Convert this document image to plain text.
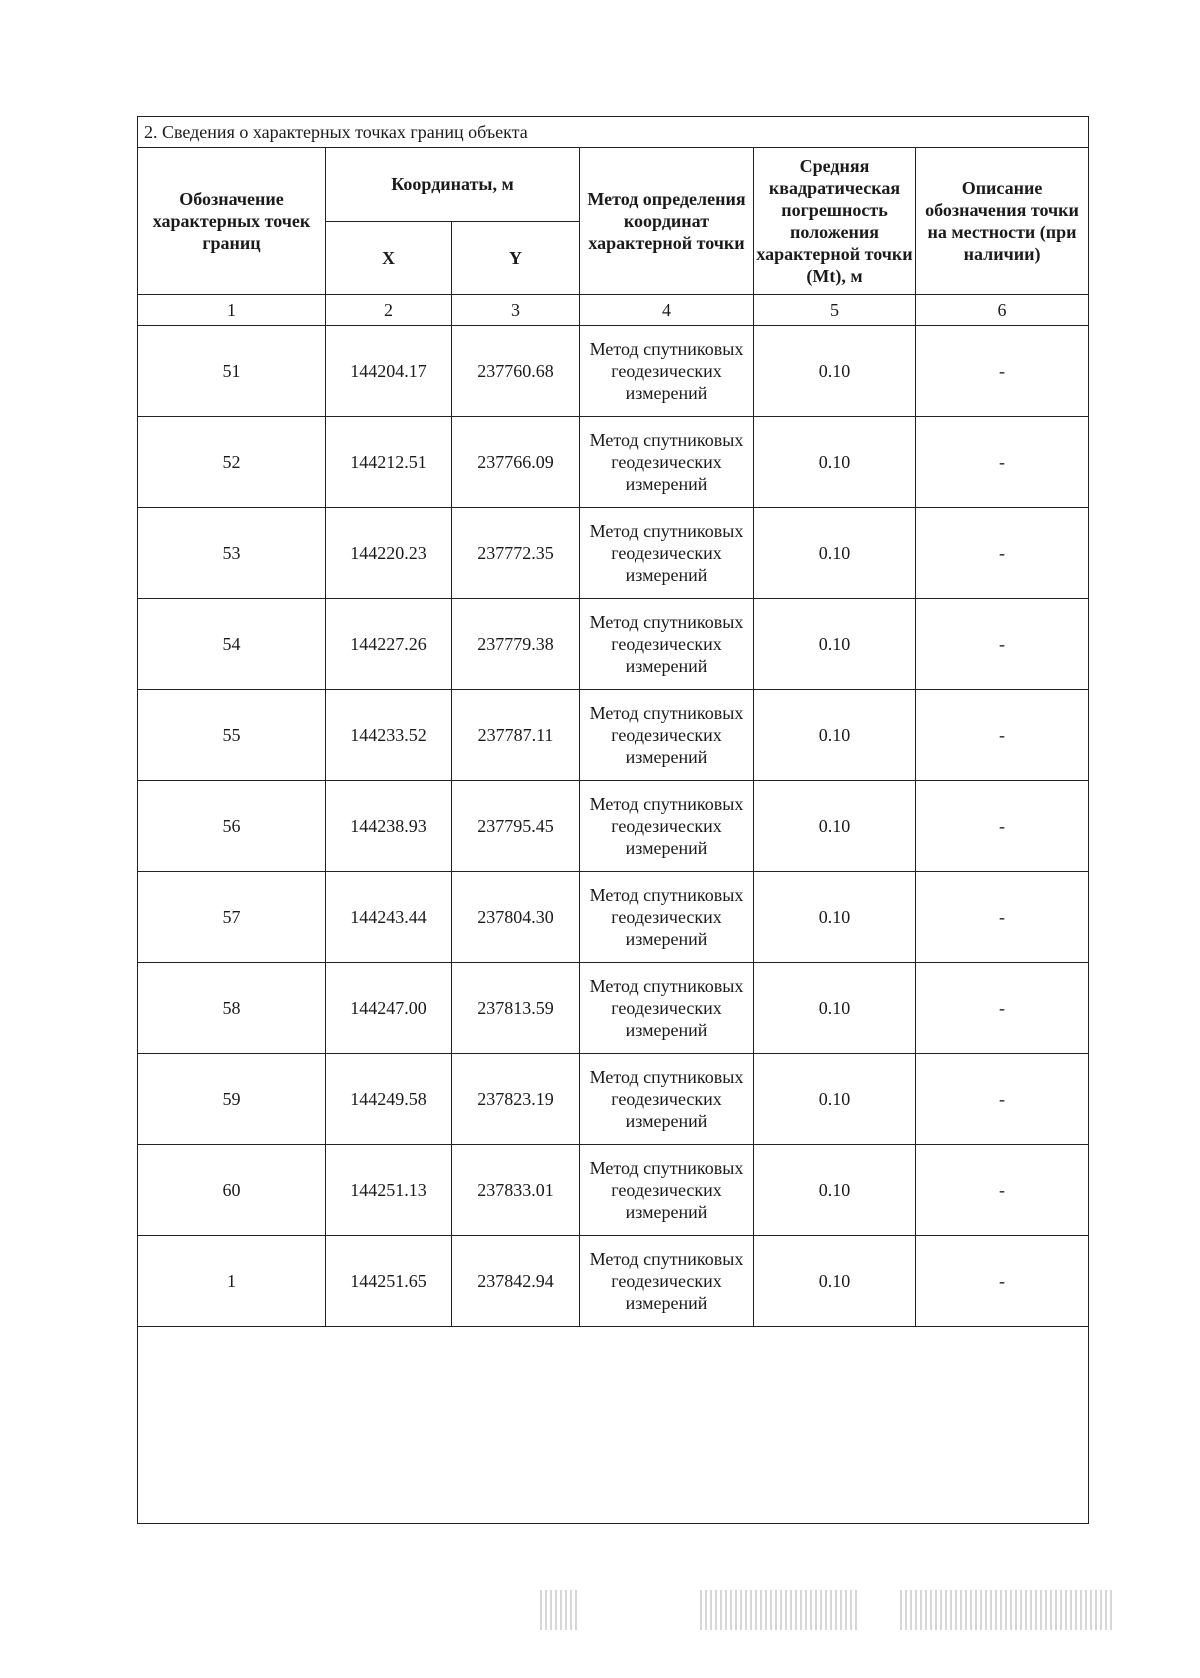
2. Сведения о характерных точках границ объекта					
Обозначение характерных точек границ	Координаты, м		Метод определения координат характерной точки	Средняя квадратическая погрешность положения характерной точки (Mt), м	Описание обозначения точки на местности (при наличии)
	X	Y			
1	2	3	4	5	6
51	144204.17	237760.68	Метод спутниковых геодезических измерений	0.10	-
52	144212.51	237766.09	Метод спутниковых геодезических измерений	0.10	-
53	144220.23	237772.35	Метод спутниковых геодезических измерений	0.10	-
54	144227.26	237779.38	Метод спутниковых геодезических измерений	0.10	-
55	144233.52	237787.11	Метод спутниковых геодезических измерений	0.10	-
56	144238.93	237795.45	Метод спутниковых геодезических измерений	0.10	-
57	144243.44	237804.30	Метод спутниковых геодезических измерений	0.10	-
58	144247.00	237813.59	Метод спутниковых геодезических измерений	0.10	-
59	144249.58	237823.19	Метод спутниковых геодезических измерений	0.10	-
60	144251.13	237833.01	Метод спутниковых геодезических измерений	0.10	-
1	144251.65	237842.94	Метод спутниковых геодезических измерений	0.10	-
